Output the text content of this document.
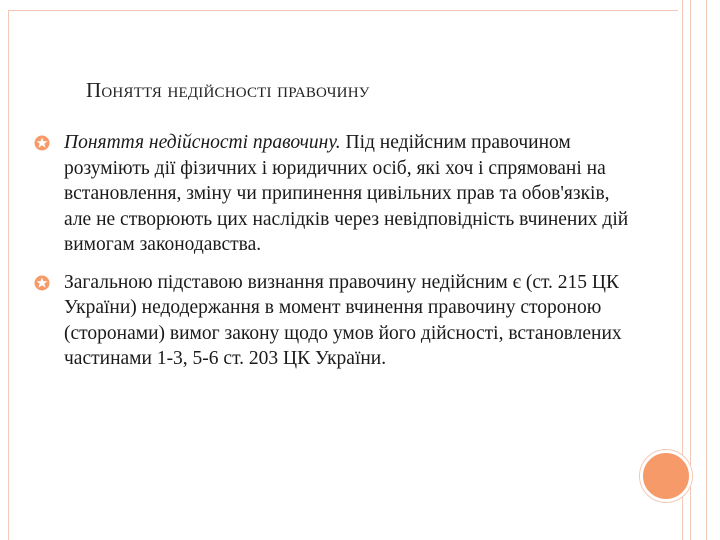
Поняття недійсності правочину
Поняття недійсності правочину. Під недійсним правочином розуміють дії фізичних і юридичних осіб, які хоч і спрямовані на встановлення, зміну чи припинення цивільних прав та обов'язків, але не створюють цих наслідків через невідповідність вчинених дій вимогам законодавства.
Загальною підставою визнання правочину недійсним є (ст. 215 ЦК України) недодержання в момент вчинення правочину стороною (сторонами) вимог закону щодо умов його дійсності, встановлених частинами 1-3, 5-6 ст. 203 ЦК України.
